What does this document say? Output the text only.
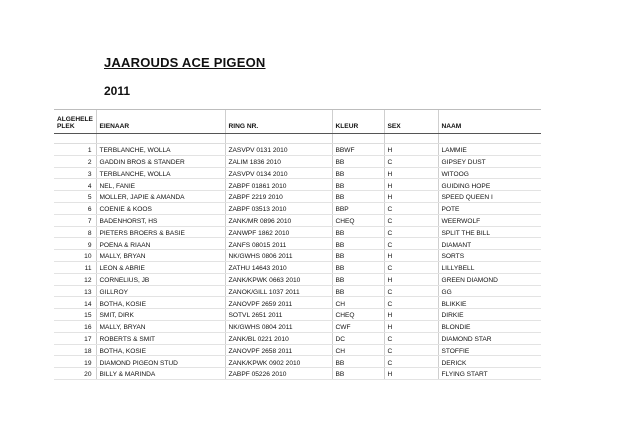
JAAROUDS ACE PIGEON
2011
ALGEHELE
PLEK	EIENAAR	RING NR.	KLEUR	SEX	NAAM

1	TERBLANCHE, WOLLA	ZASVPV 0131 2010	BBWF	H	LAMMIE
2	GADDIN BROS & STANDER	ZALIM 1836 2010	BB	C	GIPSEY DUST
3	TERBLANCHE, WOLLA	ZASVPV 0134 2010	BB	H	WITOOG
4	NEL, FANIE	ZABPF 01861 2010	BB	H	GUIDING HOPE
5	MOLLER, JAPIE & AMANDA	ZABPF 2219 2010	BB	H	SPEED QUEEN I
6	COENIE & KOOS	ZABPF 03513 2010	BBP	C	POTE
7	BADENHORST, HS	ZANK/MR 0896 2010	CHEQ	C	WEERWOLF
8	PIETERS BROERS & BASIE	ZANWPF 1862 2010	BB	C	SPLIT THE BILL
9	POENA & RIAAN	ZANFS 08015 2011	BB	C	DIAMANT
10	MALLY, BRYAN	NK/GWHS 0806 2011	BB	H	SORTS
11	LEON & ABRIE	ZATHU 14643 2010	BB	C	LILLYBELL
12	CORNELIUS, JB	ZANK/KPWK 0663 2010	BB	H	GREEN DIAMOND
13	GILLROY	ZANOK/GILL 1037 2011	BB	C	GG
14	BOTHA, KOSIE	ZANOVPF 2659 2011	CH	C	BLIKKIE
15	SMIT, DIRK	SOTVL 2651 2011	CHEQ	H	DIRKIE
16	MALLY, BRYAN	NK/GWHS 0804 2011	CWF	H	BLONDIE
17	ROBERTS & SMIT	ZANK/BL 0221 2010	DC	C	DIAMOND STAR
18	BOTHA, KOSIE	ZANOVPF 2658 2011	CH	C	STOFFIE
19	DIAMOND PIGEON STUD	ZANK/KPWK 0902 2010	BB	C	DERICK
20	BILLY & MARINDA	ZABPF 05226 2010	BB	H	FLYING START
